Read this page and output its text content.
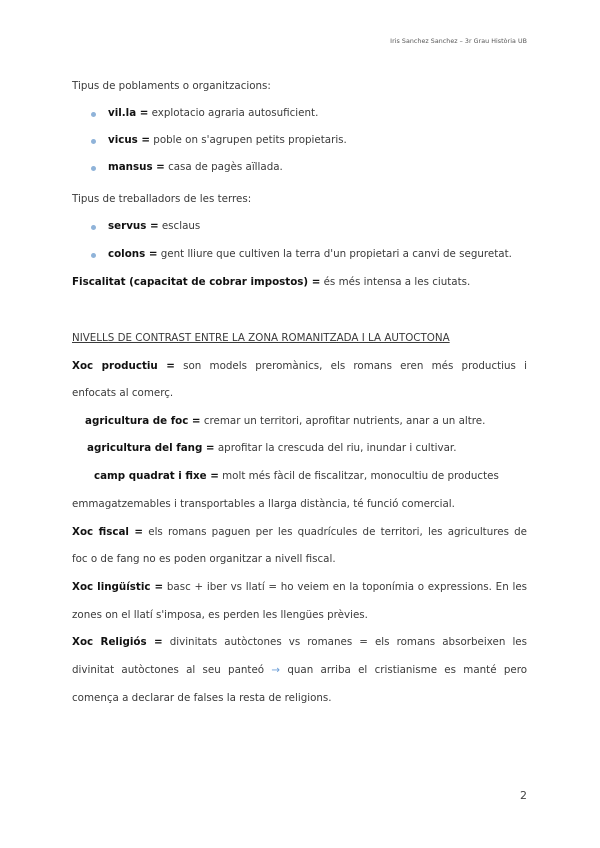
Iris Sanchez Sanchez – 3r Grau Història UB
Tipus de poblaments o organitzacions:
vil.la = explotacio agraria autosuficient.
vicus = poble on s'agrupen petits propietaris.
mansus = casa de pagès aïllada.
Tipus de treballadors de les terres:
servus = esclaus
colons = gent lliure que cultiven la terra d'un propietari a canvi de seguretat.
Fiscalitat (capacitat de cobrar impostos) = és més intensa a les ciutats.
NIVELLS DE CONTRAST ENTRE LA ZONA ROMANITZADA I LA AUTOCTONA
Xoc productiu = son models preromànics, els romans eren més productius i
enfocats al comerç.
agricultura de foc = cremar un territori, aprofitar nutrients, anar a un altre.
agricultura del fang = aprofitar la crescuda del riu, inundar i cultivar.
camp quadrat i fixe = molt més fàcil de fiscalitzar, monocultiu de productes
emmagatzemables i transportables a llarga distància, té funció comercial.
Xoc fiscal = els romans paguen per les quadrícules de territori, les agricultures de
foc o de fang no es poden organitzar a nivell fiscal.
Xoc lingüístic = basc + iber vs llatí = ho veiem en la toponímia o expressions. En les
zones on el llatí s'imposa, es perden les llengües prèvies.
Xoc Religiós = divinitats autòctones vs romanes = els romans absorbeixen les
divinitat autòctones al seu panteó → quan arriba el cristianisme es manté pero
comença a declarar de falses la resta de religions.
2
